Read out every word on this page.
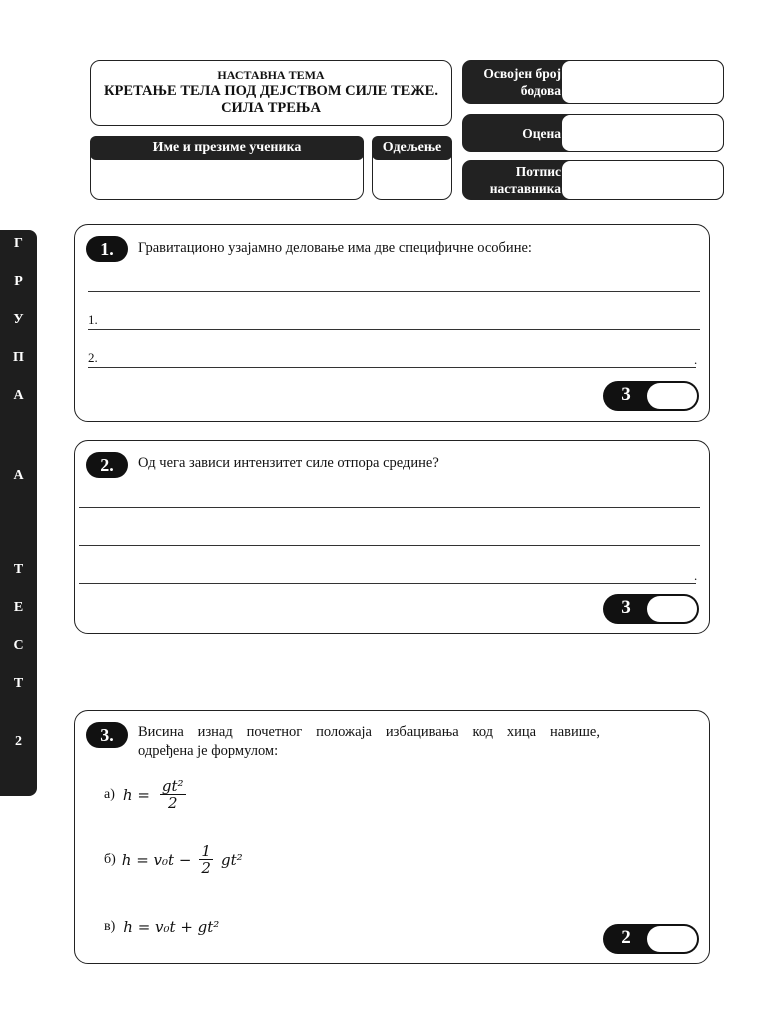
НАСТАВНА ТЕМА
КРЕТАЊЕ ТЕЛА ПОД ДЕЈСТВОМ СИЛЕ ТЕЖЕ.
СИЛА ТРЕЊА
Име и презиме ученика	Одељење
Освојен број
бодова
Оцена
Потпис
наставника
Г
Р
У
П
А
А
Т
Е
С
Т
2
1.	Гравитационо узајамно деловање има две специфичне особине:
1.
2.	.
3
2.	Од чега зависи интензитет силе отпора средине?
.
3
3.	Висина изнад почетног положаја избацивања код хица навише,
одређена је формулом:
а) $h = \frac{\text{gt²}}{2}$
б) $h = v_0t - \frac{1}{2} gt^2$
в) h = v₀t + gt²	2
